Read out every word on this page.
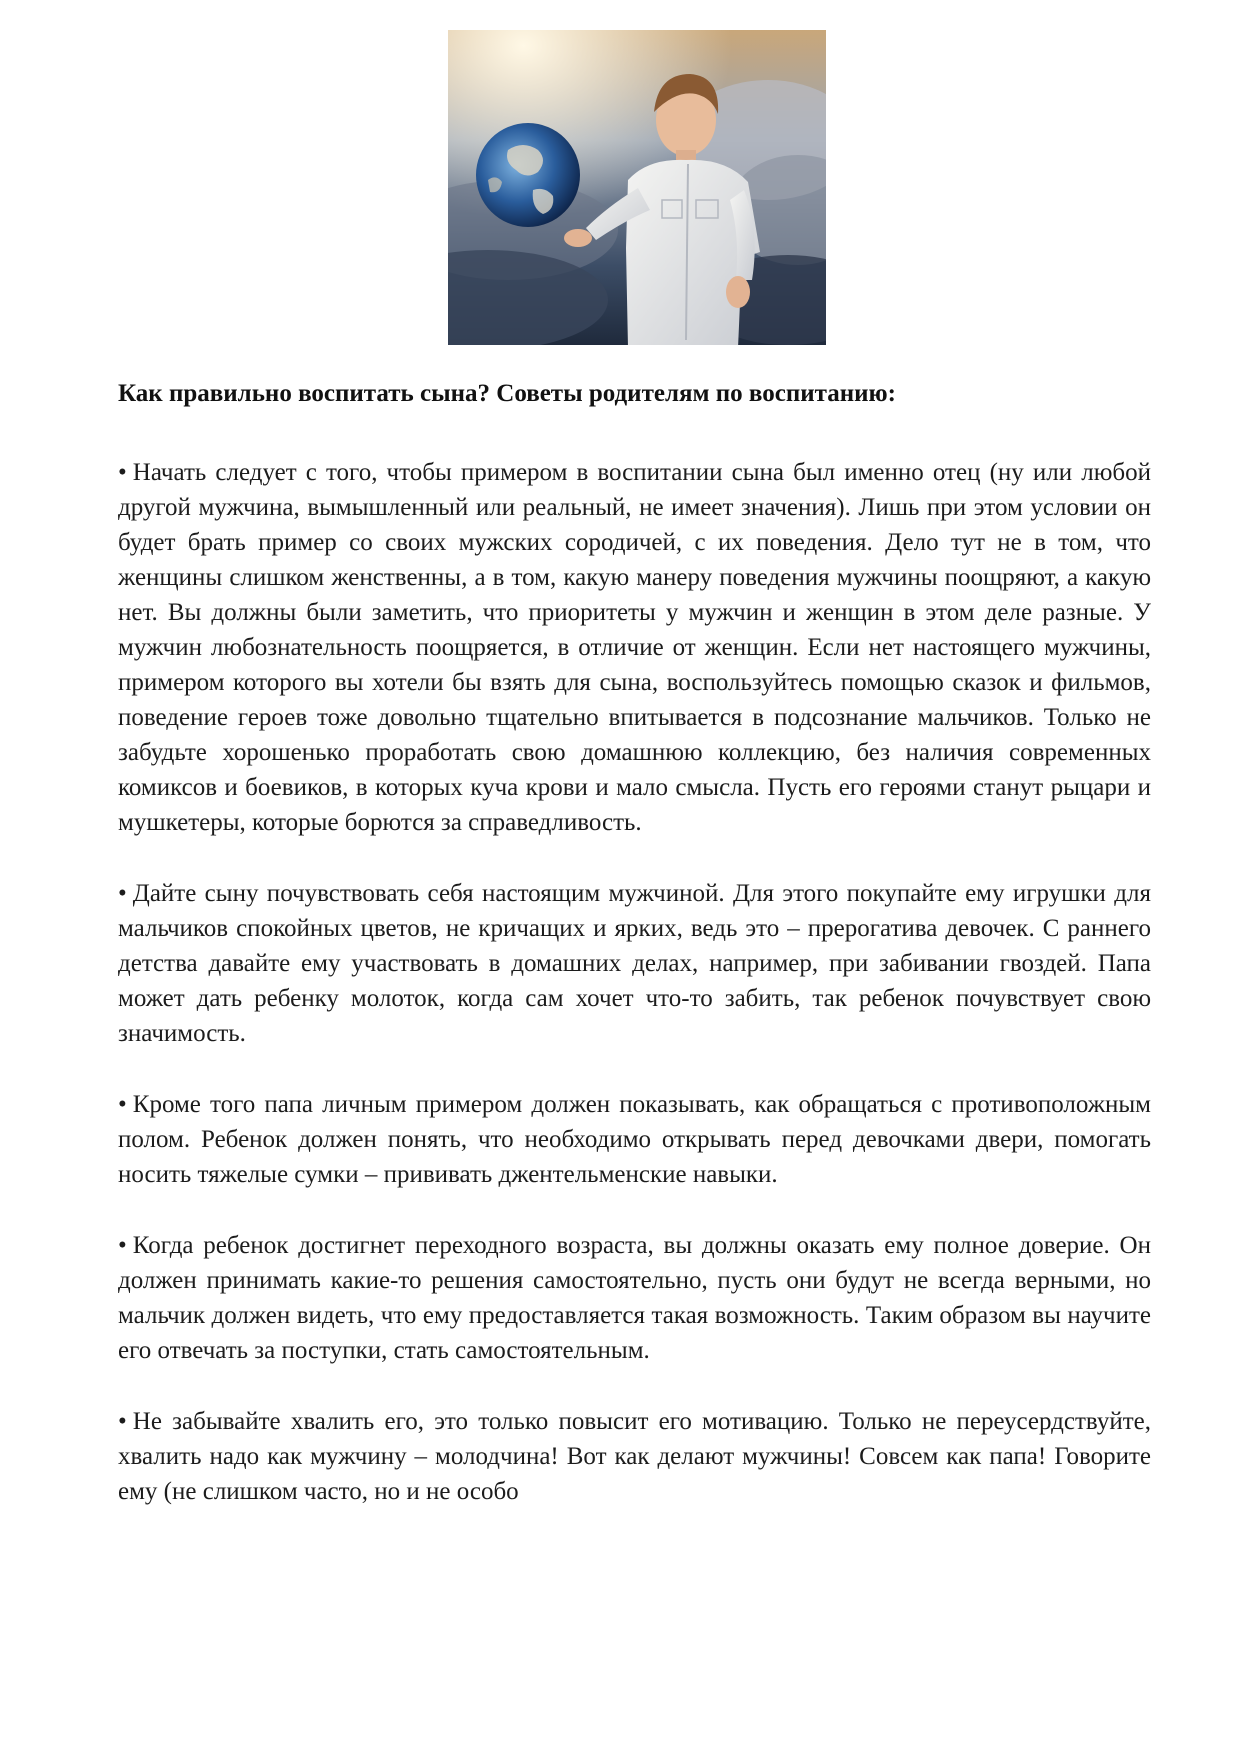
Как правильно воспитать сына? Советы родителям по воспитанию:

• Начать следует с того, чтобы примером в воспитании сына был именно отец (ну или любой другой мужчина, вымышленный или реальный, не имеет значения). Лишь при этом условии он будет брать пример со своих мужских сородичей, с их поведения. Дело тут не в том, что женщины слишком женственны, а в том, какую манеру поведения мужчины поощряют, а какую нет. Вы должны были заметить, что приоритеты у мужчин и женщин в этом деле разные. У мужчин любознательность поощряется, в отличие от женщин. Если нет настоящего мужчины, примером которого вы хотели бы взять для сына, воспользуйтесь помощью сказок и фильмов, поведение героев тоже довольно тщательно впитывается в подсознание мальчиков. Только не забудьте хорошенько проработать свою домашнюю коллекцию, без наличия современных комиксов и боевиков, в которых куча крови и мало смысла. Пусть его героями станут рыцари и мушкетеры, которые борются за справедливость.

• Дайте сыну почувствовать себя настоящим мужчиной. Для этого покупайте ему игрушки для мальчиков спокойных цветов, не кричащих и ярких, ведь это – прерогатива девочек. С раннего детства давайте ему участвовать в домашних делах, например, при забивании гвоздей. Папа может дать ребенку молоток, когда сам хочет что-то забить, так ребенок почувствует свою значимость.

• Кроме того папа личным примером должен показывать, как обращаться с противоположным полом. Ребенок должен понять, что необходимо открывать перед девочками двери, помогать носить тяжелые сумки – прививать джентельменские навыки.

• Когда ребенок достигнет переходного возраста, вы должны оказать ему полное доверие. Он должен принимать какие-то решения самостоятельно, пусть они будут не всегда верными, но мальчик должен видеть, что ему предоставляется такая возможность. Таким образом вы научите его отвечать за поступки, стать самостоятельным.

• Не забывайте хвалить его, это только повысит его мотивацию. Только не переусердствуйте, хвалить надо как мужчину – молодчина! Вот как делают мужчины! Совсем как папа! Говорите ему (не слишком часто, но и не особо
